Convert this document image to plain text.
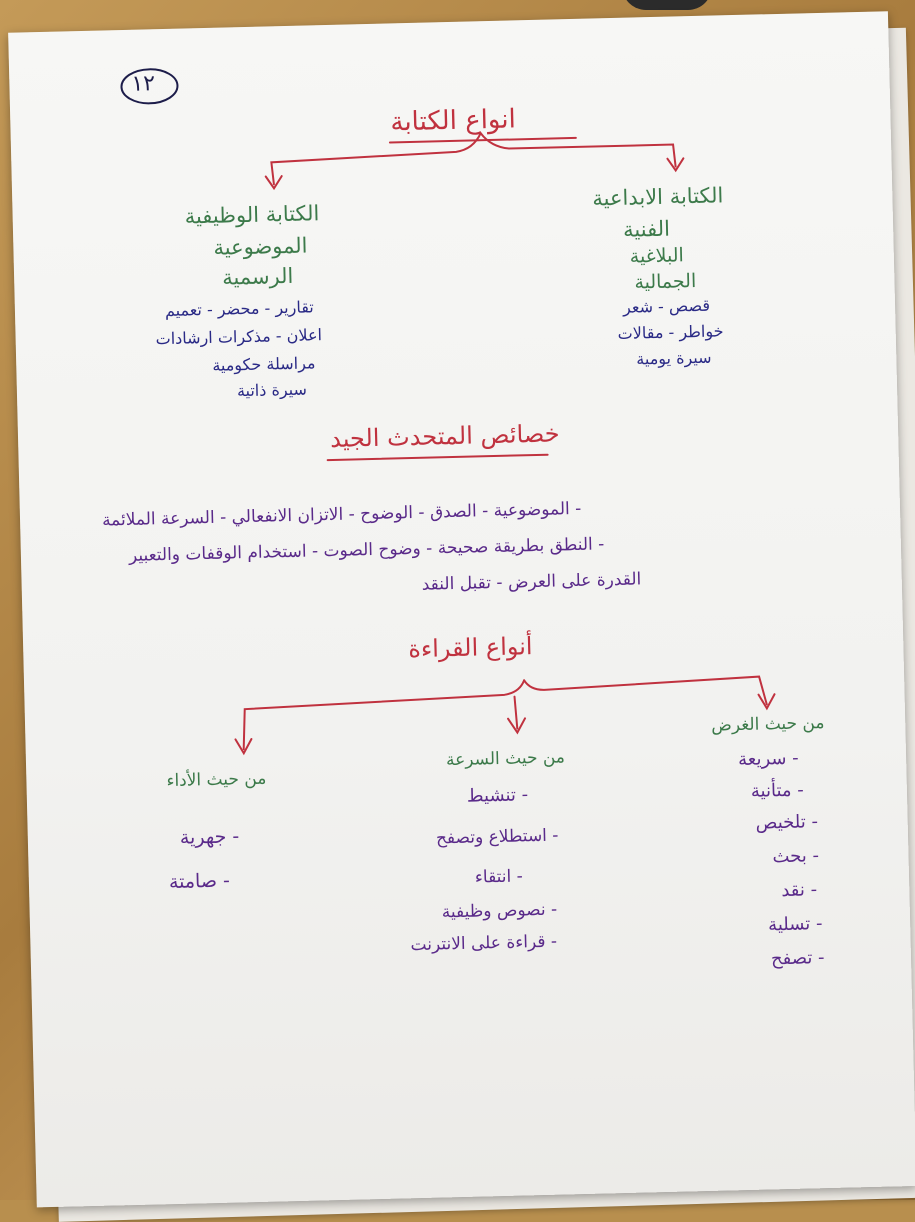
١٢
انواع الكتابة
الكتابة الابداعية
الفنية
البلاغية
الجمالية
قصص - شعر
خواطر - مقالات
سيرة يومية
الكتابة الوظيفية
الموضوعية
الرسمية
تقارير - محضر - تعميم
اعلان - مذكرات ارشادات
مراسلة حكومية
سيرة ذاتية
خصائص المتحدث الجيد
- الموضوعية - الصدق - الوضوح - الاتزان الانفعالي - السرعة الملائمة
- النطق بطريقة صحيحة - وضوح الصوت - استخدام الوقفات والتعبير
القدرة على العرض - تقبل النقد
أنواع القراءة
من حيث الغرض
- سريعة
- متأنية
- تلخيص
- بحث
- نقد
- تسلية
- تصفح
من حيث السرعة
- تنشيط
- استطلاع وتصفح
- انتقاء
- نصوص وظيفية
- قراءة على الانترنت
من حيث الأداء
- جهرية
- صامتة
